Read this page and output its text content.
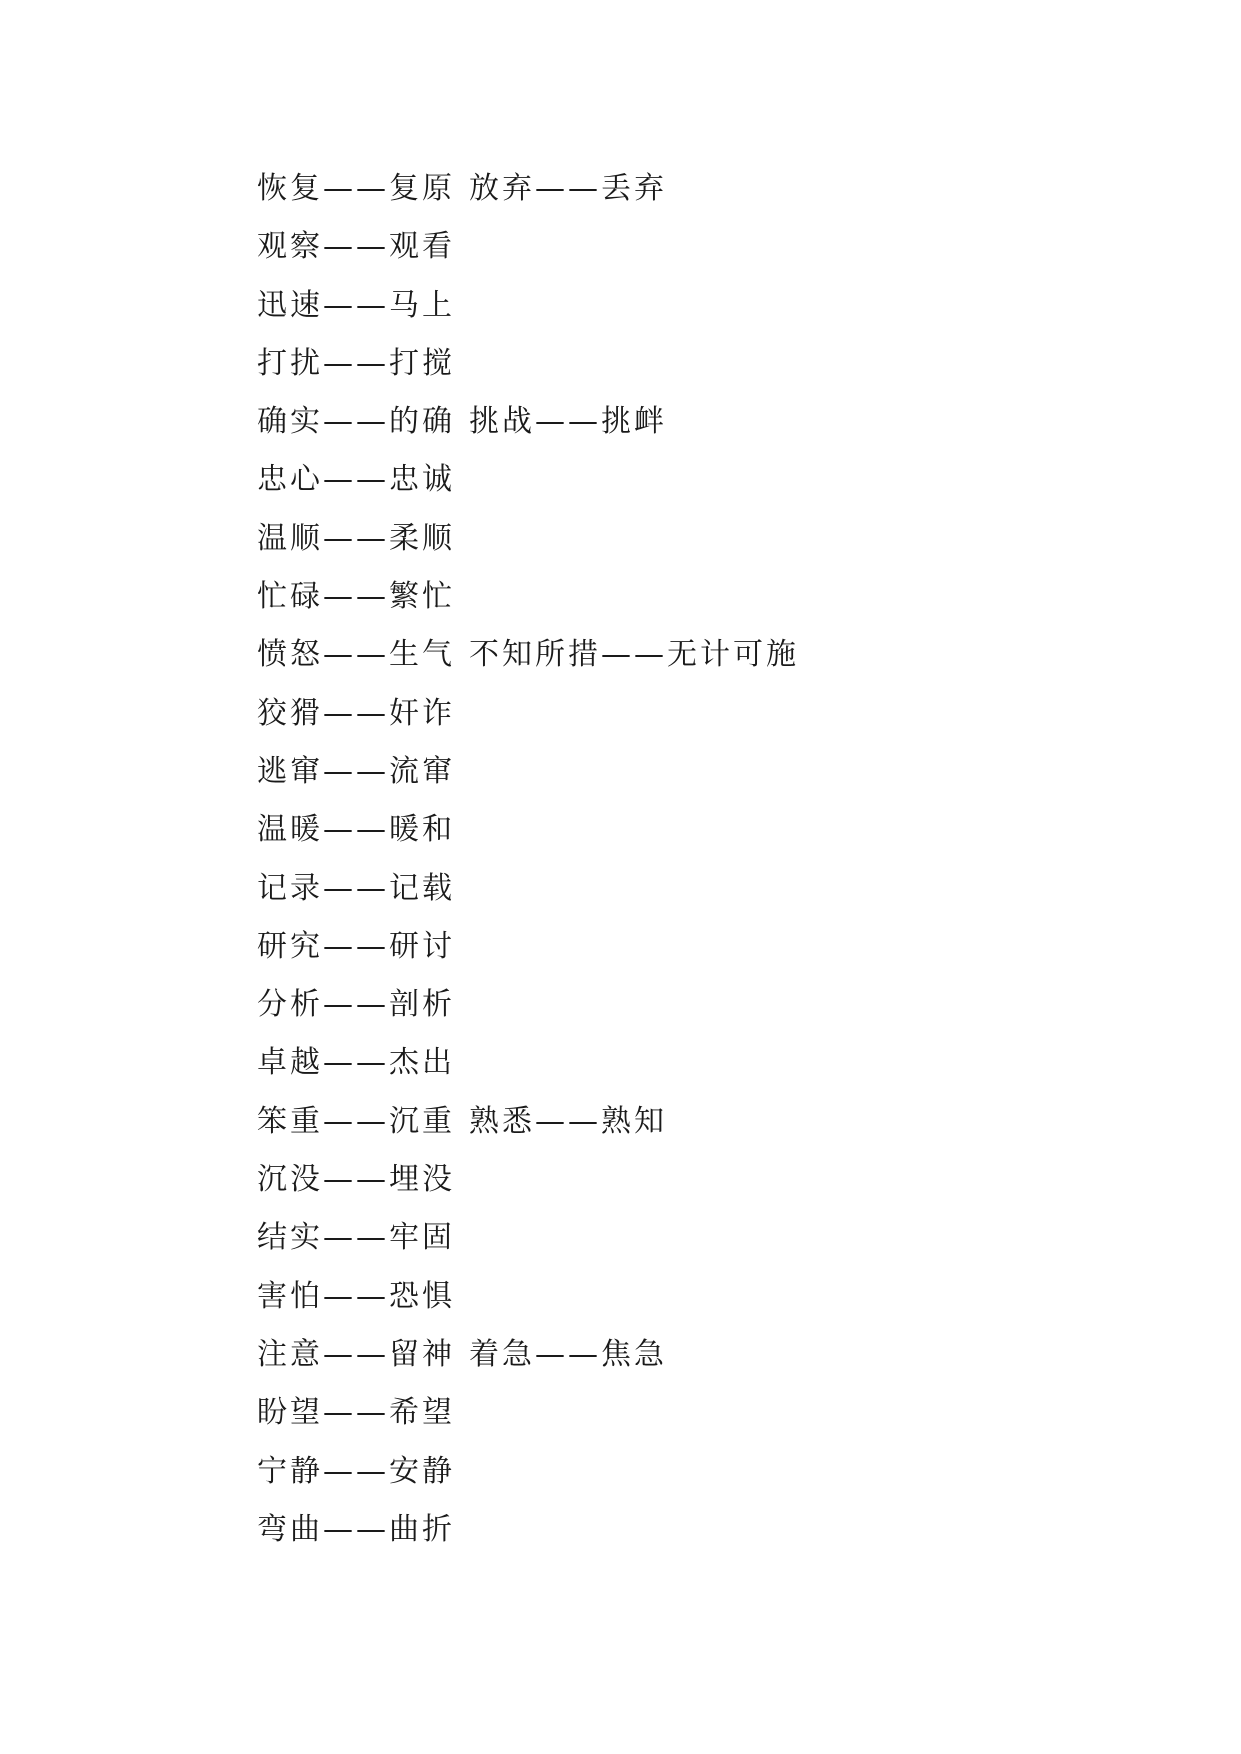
恢复——复原 放弃——丢弃
观察——观看
迅速——马上
打扰——打搅
确实——的确 挑战——挑衅
忠心——忠诚
温顺——柔顺
忙碌——繁忙
愤怒——生气 不知所措——无计可施
狡猾——奸诈
逃窜——流窜
温暖——暖和
记录——记载
研究——研讨
分析——剖析
卓越——杰出
笨重——沉重 熟悉——熟知
沉没——埋没
结实——牢固
害怕——恐惧
注意——留神 着急——焦急
盼望——希望
宁静——安静
弯曲——曲折
